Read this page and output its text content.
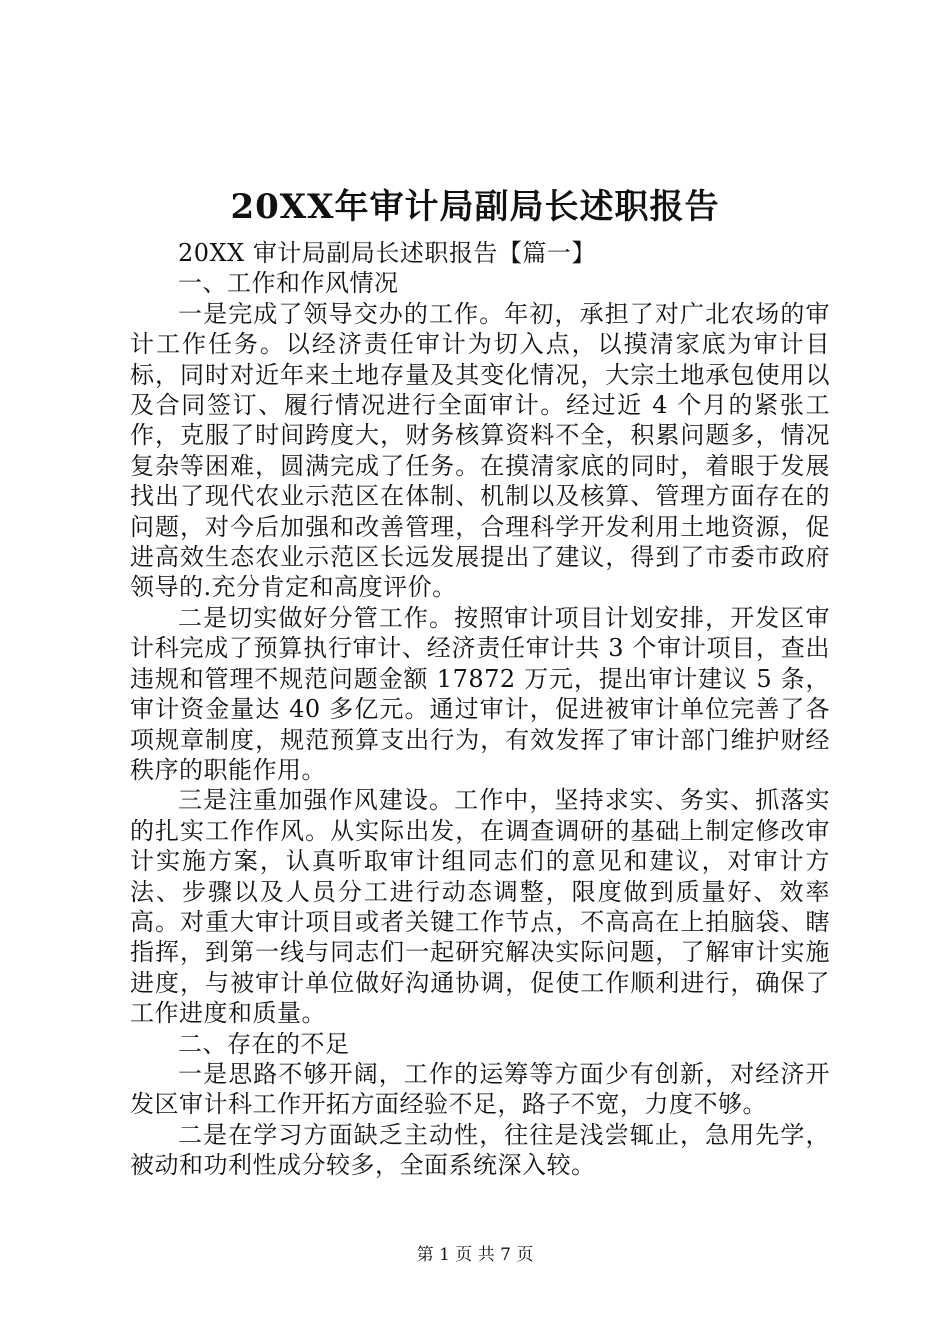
20XX年审计局副局长述职报告

20XX 审计局副局长述职报告【篇一】

一、工作和作风情况

一是完成了领导交办的工作。年初，承担了对广北农场的审计工作任务。以经济责任审计为切入点，以摸清家底为审计目标，同时对近年来土地存量及其变化情况，大宗土地承包使用以及合同签订、履行情况进行全面审计。经过近 4 个月的紧张工作，克服了时间跨度大，财务核算资料不全，积累问题多，情况复杂等困难，圆满完成了任务。在摸清家底的同时，着眼于发展找出了现代农业示范区在体制、机制以及核算、管理方面存在的问题，对今后加强和改善管理，合理科学开发利用土地资源，促进高效生态农业示范区长远发展提出了建议，得到了市委市政府领导的.充分肯定和高度评价。

二是切实做好分管工作。按照审计项目计划安排，开发区审计科完成了预算执行审计、经济责任审计共 3 个审计项目，查出违规和管理不规范问题金额 17872 万元，提出审计建议 5 条，审计资金量达 40 多亿元。通过审计，促进被审计单位完善了各项规章制度，规范预算支出行为，有效发挥了审计部门维护财经秩序的职能作用。

三是注重加强作风建设。工作中，坚持求实、务实、抓落实的扎实工作作风。从实际出发，在调查调研的基础上制定修改审计实施方案，认真听取审计组同志们的意见和建议，对审计方法、步骤以及人员分工进行动态调整，限度做到质量好、效率高。对重大审计项目或者关键工作节点，不高高在上拍脑袋、瞎指挥，到第一线与同志们一起研究解决实际问题，了解审计实施进度，与被审计单位做好沟通协调，促使工作顺利进行，确保了工作进度和质量。

二、存在的不足

一是思路不够开阔，工作的运筹等方面少有创新，对经济开发区审计科工作开拓方面经验不足，路子不宽，力度不够。

二是在学习方面缺乏主动性，往往是浅尝辄止，急用先学，被动和功利性成分较多，全面系统深入较。

第 1 页 共 7 页
